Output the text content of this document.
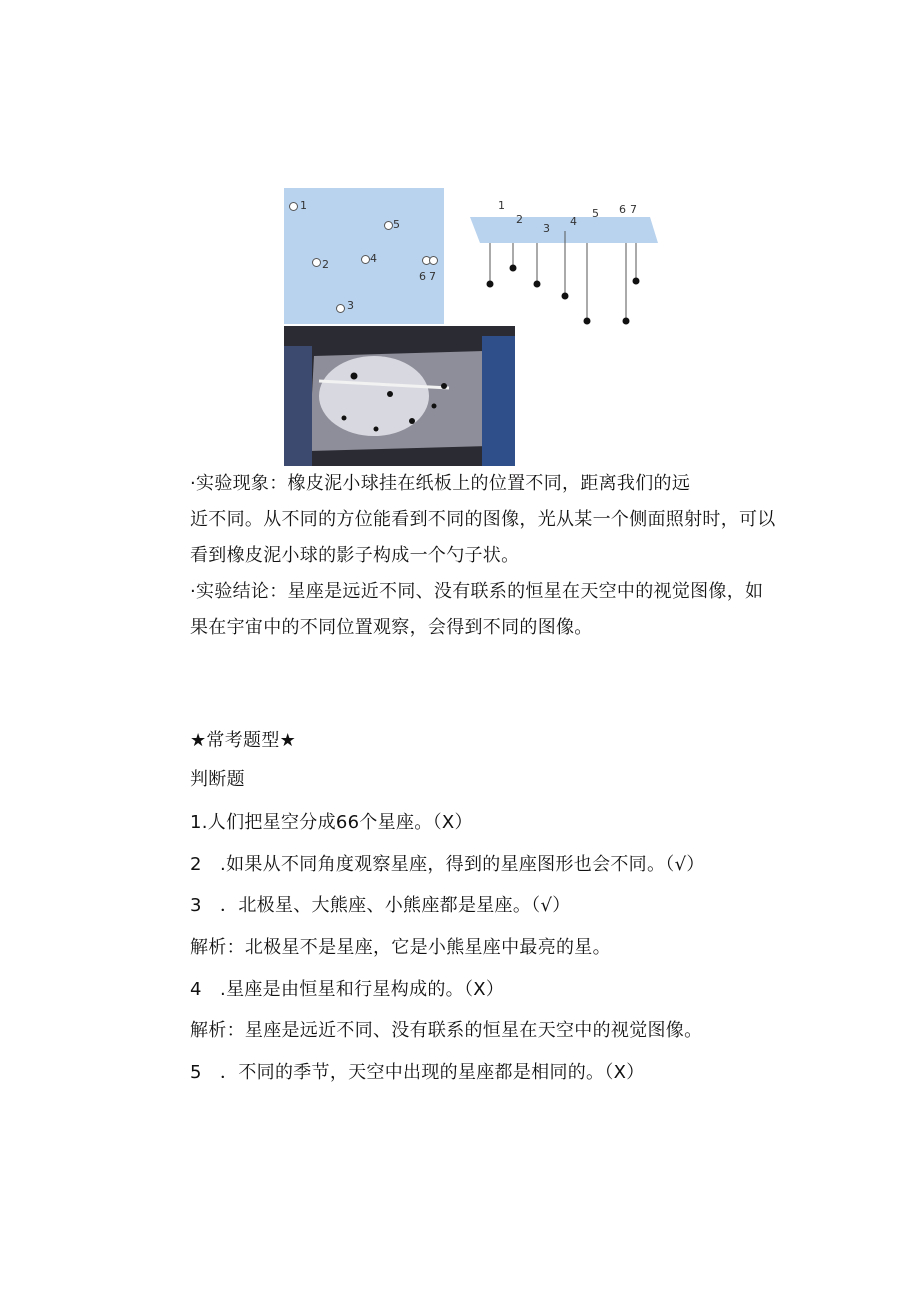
1
2
3
4
5
6 7
1
2
3
4
5 6 7

·实验现象：橡皮泥小球挂在纸板上的位置不同，距离我们的远

近不同。从不同的方位能看到不同的图像，光从某一个侧面照射时，可以

看到橡皮泥小球的影子构成一个勺子状。

·实验结论：星座是远近不同、没有联系的恒星在天空中的视觉图像，如

果在宇宙中的不同位置观察，会得到不同的图像。

★常考题型★

判断题

1.人们把星空分成66个星座。（X）

2　.如果从不同角度观察星座，得到的星座图形也会不同。（√）

3　．北极星、大熊座、小熊座都是星座。（√）

解析：北极星不是星座，它是小熊星座中最亮的星。

4　.星座是由恒星和行星构成的。（X）

解析：星座是远近不同、没有联系的恒星在天空中的视觉图像。

5　．不同的季节，天空中出现的星座都是相同的。（X）
